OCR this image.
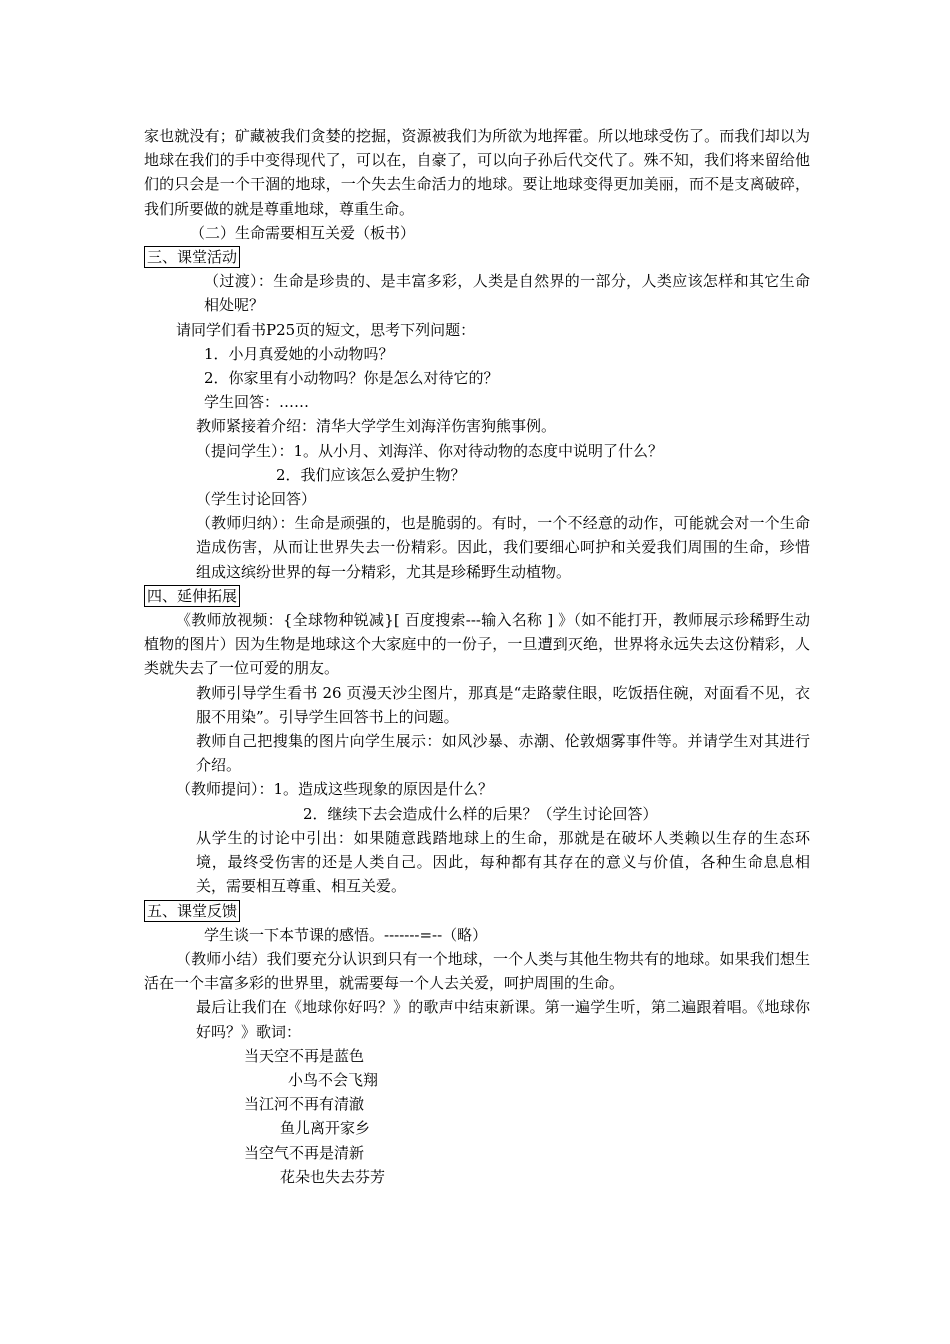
家也就没有；矿藏被我们贪婪的挖掘，资源被我们为所欲为地挥霍。所以地球受伤了。而我们却以为地球在我们的手中变得现代了，可以在，自豪了，可以向子孙后代交代了。殊不知，我们将来留给他们的只会是一个干涸的地球，一个失去生命活力的地球。要让地球变得更加美丽，而不是支离破碎，我们所要做的就是尊重地球，尊重生命。

（二）生命需要相互关爱（板书）

三、课堂活动

（过渡）：生命是珍贵的、是丰富多彩，人类是自然界的一部分，人类应该怎样和其它生命相处呢？

请同学们看书P25页的短文，思考下列问题：

1．小月真爱她的小动物吗？

2．你家里有小动物吗？你是怎么对待它的？

学生回答：……

教师紧接着介绍：清华大学学生刘海洋伤害狗熊事例。

（提问学生）：1。从小月、刘海洋、你对待动物的态度中说明了什么？

2．我们应该怎么爱护生物？

（学生讨论回答）

（教师归纳）：生命是顽强的，也是脆弱的。有时，一个不经意的动作，可能就会对一个生命造成伤害，从而让世界失去一份精彩。因此，我们要细心呵护和关爱我们周围的生命，珍惜组成这缤纷世界的每一分精彩，尤其是珍稀野生动植物。

四、延伸拓展

《教师放视频：{全球物种锐减}[ 百度搜索---输入名称 ] 》（如不能打开，教师展示珍稀野生动植物的图片）因为生物是地球这个大家庭中的一份子，一旦遭到灭绝，世界将永远失去这份精彩，人类就失去了一位可爱的朋友。

教师引导学生看书 26 页漫天沙尘图片，那真是“走路蒙住眼，吃饭捂住碗，对面看不见，衣服不用染”。引导学生回答书上的问题。

教师自己把搜集的图片向学生展示：如风沙暴、赤潮、伦敦烟雾事件等。并请学生对其进行介绍。

（教师提问）：1。造成这些现象的原因是什么？

2．继续下去会造成什么样的后果？（学生讨论回答）

从学生的讨论中引出：如果随意践踏地球上的生命，那就是在破坏人类赖以生存的生态环境，最终受伤害的还是人类自己。因此，每种都有其存在的意义与价值，各种生命息息相关，需要相互尊重、相互关爱。

五、课堂反馈

学生谈一下本节课的感悟。-------=--（略）

（教师小结）我们要充分认识到只有一个地球，一个人类与其他生物共有的地球。如果我们想生活在一个丰富多彩的世界里，就需要每一个人去关爱，呵护周围的生命。

最后让我们在《地球你好吗？》的歌声中结束新课。第一遍学生听，第二遍跟着唱。《地球你好吗？》歌词：

当天空不再是蓝色

小鸟不会飞翔

当江河不再有清澈

鱼儿离开家乡

当空气不再是清新

花朵也失去芬芳
